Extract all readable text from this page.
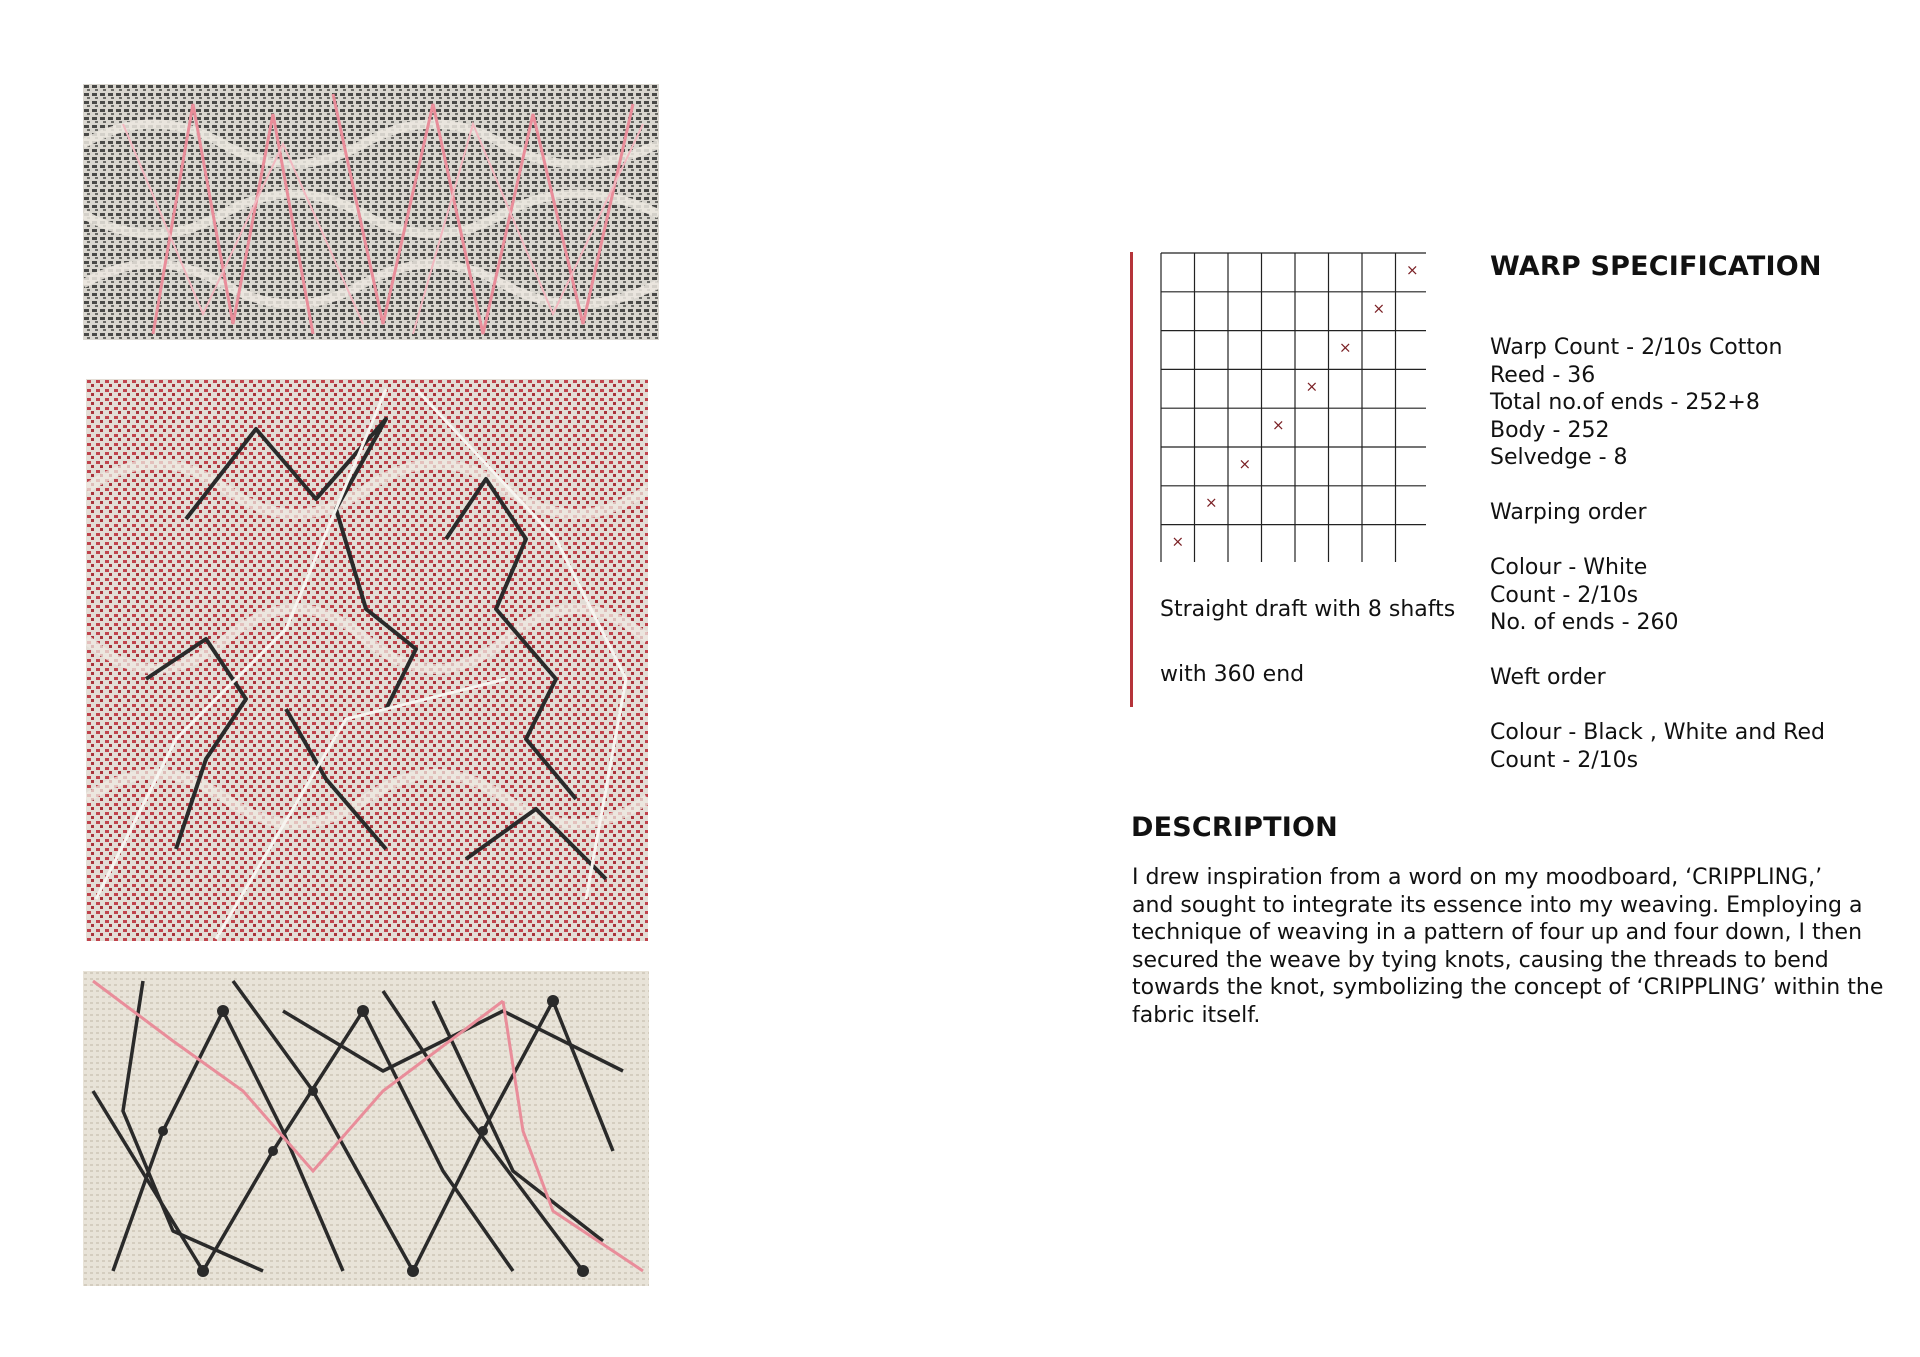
×
×
×
×
×
×
×
×
Straight draft with 8 shafts
with 360 end
WARP SPECIFICATION
Warp Count - 2/10s Cotton
Reed - 36
Total no.of ends - 252+8
Body - 252
Selvedge - 8
Warping order
Colour - White
Count - 2/10s
No. of ends - 260
Weft order
Colour - Black , White and Red
Count - 2/10s
DESCRIPTION
I drew inspiration from a word on my moodboard, ‘CRIPPLING,’
and sought to integrate its essence into my weaving. Employing a
technique of weaving in a pattern of four up and four down, I then
secured the weave by tying knots, causing the threads to bend
towards the knot, symbolizing the concept of ‘CRIPPLING’ within the
fabric itself.
